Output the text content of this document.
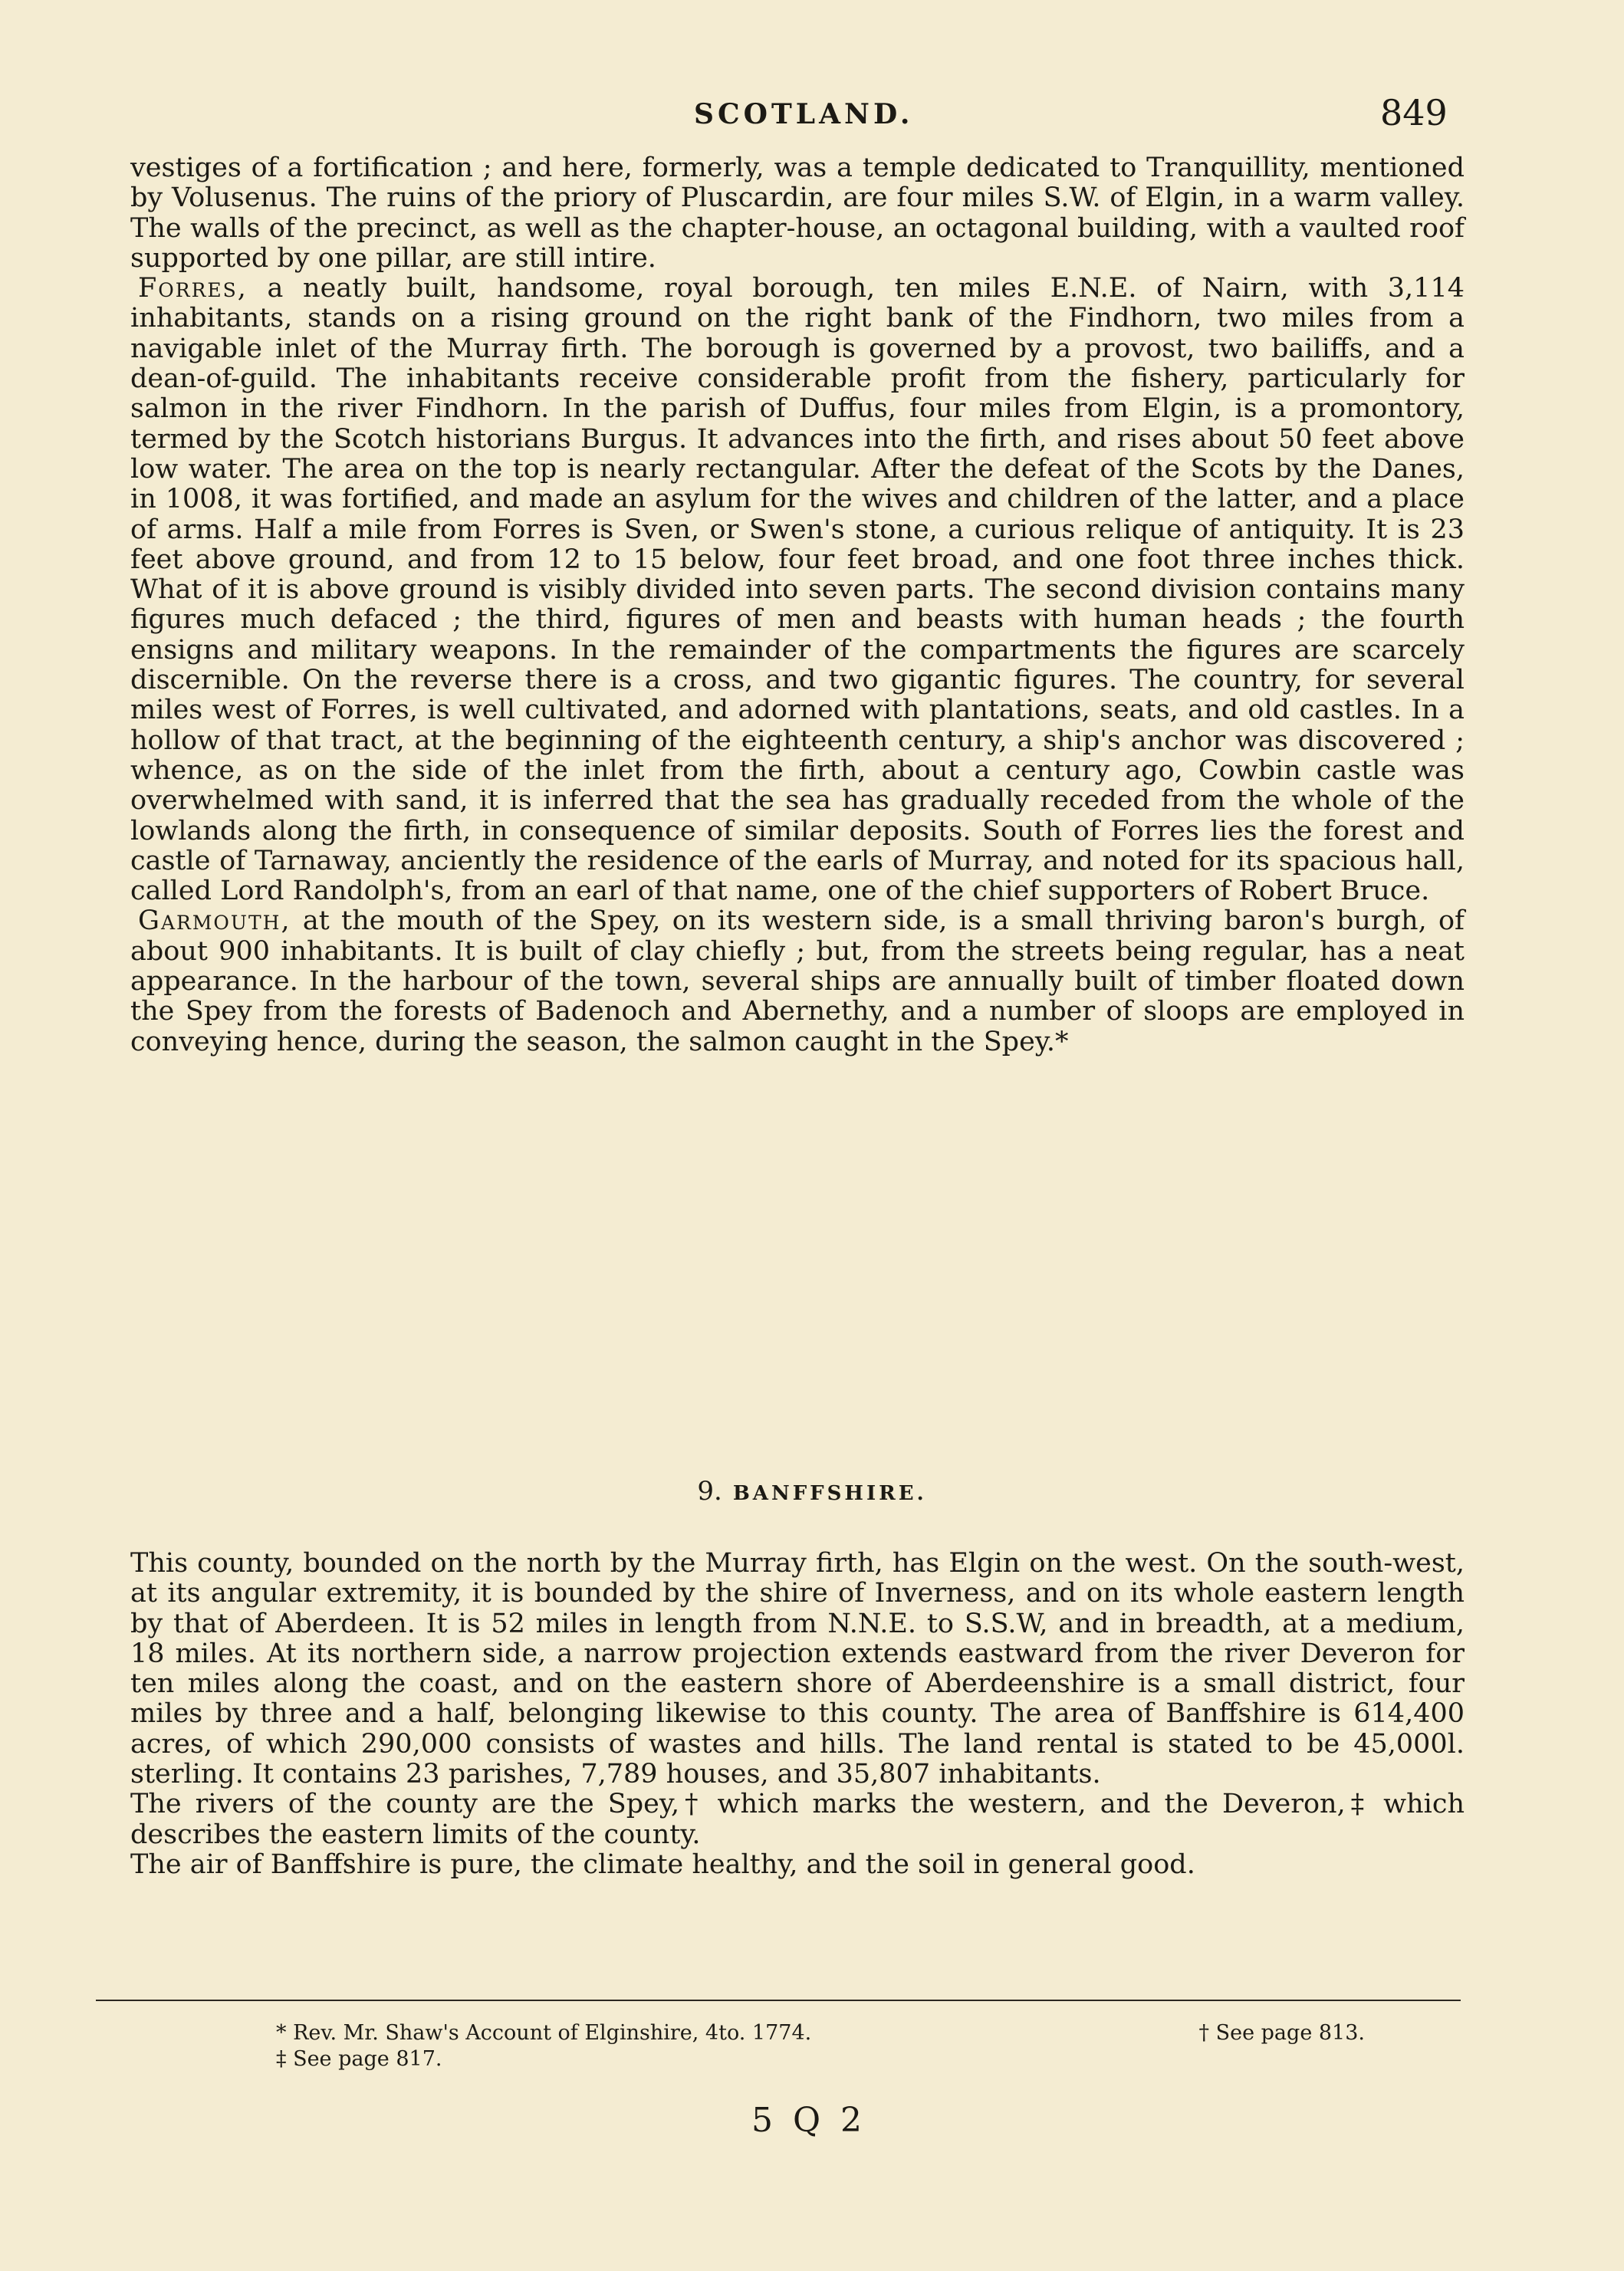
SCOTLAND.	849

vestiges of a fortification ; and here, formerly, was a temple dedicated to Tranquillity, mentioned by Volusenus. The ruins of the priory of Pluscardin, are four miles S.W. of Elgin, in a warm valley. The walls of the precinct, as well as the chapter-house, an octagonal building, with a vaulted roof supported by one pillar, are still intire.

Forres, a neatly built, handsome, royal borough, ten miles E.N.E. of Nairn, with 3,114 inhabitants, stands on a rising ground on the right bank of the Findhorn, two miles from a navigable inlet of the Murray firth. The borough is governed by a provost, two bailiffs, and a dean-of-guild. The inhabitants receive considerable profit from the fishery, particularly for salmon in the river Findhorn. In the parish of Duffus, four miles from Elgin, is a promontory, termed by the Scotch historians Burgus. It advances into the firth, and rises about 50 feet above low water. The area on the top is nearly rectangular. After the defeat of the Scots by the Danes, in 1008, it was fortified, and made an asylum for the wives and children of the latter, and a place of arms. Half a mile from Forres is Sven, or Swen's stone, a curious relique of antiquity. It is 23 feet above ground, and from 12 to 15 below, four feet broad, and one foot three inches thick. What of it is above ground is visibly divided into seven parts. The second division contains many figures much defaced ; the third, figures of men and beasts with human heads ; the fourth ensigns and military weapons. In the remainder of the compartments the figures are scarcely discernible. On the reverse there is a cross, and two gigantic figures. The country, for several miles west of Forres, is well cultivated, and adorned with plantations, seats, and old castles. In a hollow of that tract, at the beginning of the eighteenth century, a ship's anchor was discovered ; whence, as on the side of the inlet from the firth, about a century ago, Cowbin castle was overwhelmed with sand, it is inferred that the sea has gradually receded from the whole of the lowlands along the firth, in consequence of similar deposits. South of Forres lies the forest and castle of Tarnaway, anciently the residence of the earls of Murray, and noted for its spacious hall, called Lord Randolph's, from an earl of that name, one of the chief supporters of Robert Bruce.

Garmouth, at the mouth of the Spey, on its western side, is a small thriving baron's burgh, of about 900 inhabitants. It is built of clay chiefly ; but, from the streets being regular, has a neat appearance. In the harbour of the town, several ships are annually built of timber floated down the Spey from the forests of Badenoch and Abernethy, and a number of sloops are employed in conveying hence, during the season, the salmon caught in the Spey.*

9. BANFFSHIRE.

This county, bounded on the north by the Murray firth, has Elgin on the west. On the south-west, at its angular extremity, it is bounded by the shire of Inverness, and on its whole eastern length by that of Aberdeen. It is 52 miles in length from N.N.E. to S.S.W, and in breadth, at a medium, 18 miles. At its northern side, a narrow projection extends eastward from the river Deveron for ten miles along the coast, and on the eastern shore of Aberdeenshire is a small district, four miles by three and a half, belonging likewise to this county. The area of Banffshire is 614,400 acres, of which 290,000 consists of wastes and hills. The land rental is stated to be 45,000l. sterling. It contains 23 parishes, 7,789 houses, and 35,807 inhabitants.

The rivers of the county are the Spey,† which marks the western, and the Deveron,‡ which describes the eastern limits of the county.

The air of Banffshire is pure, the climate healthy, and the soil in general good.

* Rev. Mr. Shaw's Account of Elginshire, 4to. 1774.	† See page 813.
‡ See page 817.
5 Q 2
